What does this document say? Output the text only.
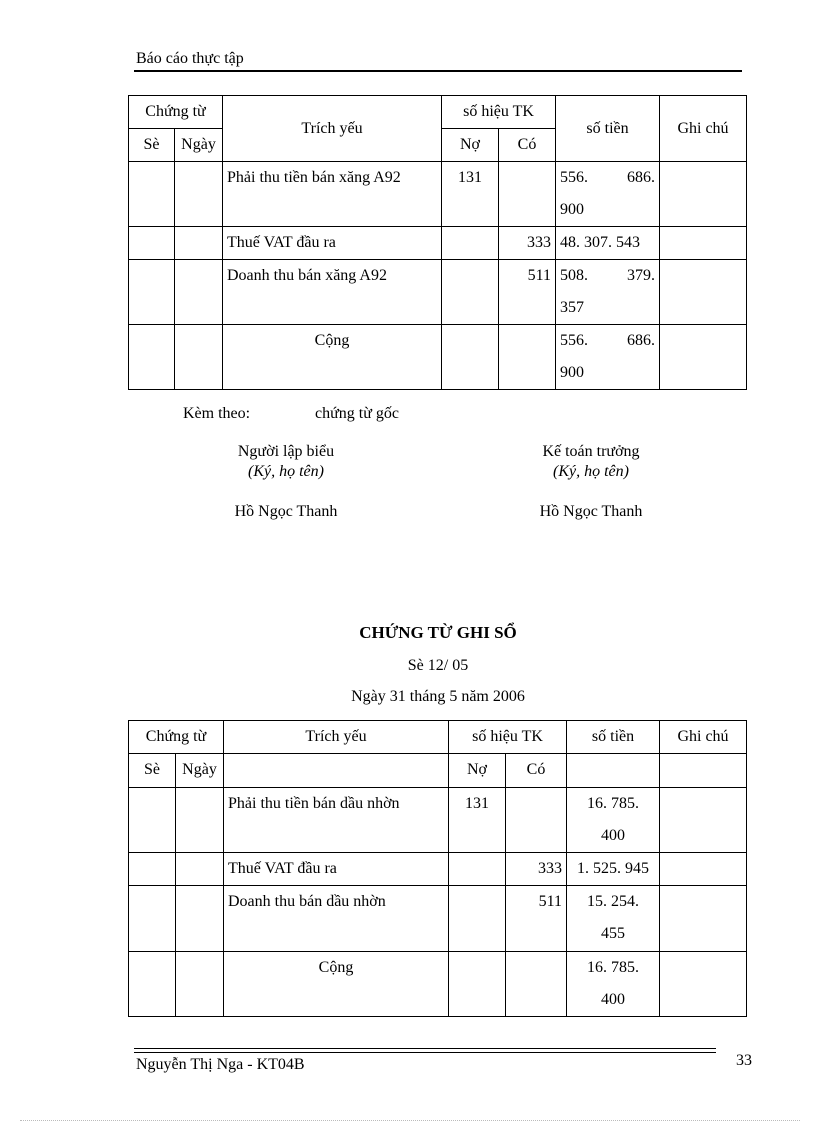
Báo cáo thực tập
Chứng từ		Trích yếu	số hiệu TK		số tiền	Ghi chú
Sè	Ngày		Nợ	Có		
		Phải thu tiền bán xăng A92	131		556. 686.
900	

		Thuế VAT đầu ra		333	48. 307. 543	
		Doanh thu bán xăng A92		511	508. 379.
357	

		Cộng			556. 686.
900	

Kèm theo:	chứng từ gốc
Người lập biểu
(Ký, họ tên)
Hồ Ngọc Thanh
Kế toán trưởng
(Ký, họ tên)
Hồ Ngọc Thanh
CHỨNG TỪ GHI SỔ
Sè 12/ 05
Ngày 31 tháng 5 năm 2006
Chứng từ		Trích yếu	số hiệu TK		số tiền	Ghi chú
Sè	Ngày		Nợ	Có		
		Phải thu tiền bán dầu nhờn	131		16. 785.
400	

		Thuế VAT đầu ra		333	1. 525. 945	
		Doanh thu bán dầu nhờn		511	15. 254.
455	

		Cộng			16. 785.
400	

Nguyễn Thị Nga - KT04B	33
